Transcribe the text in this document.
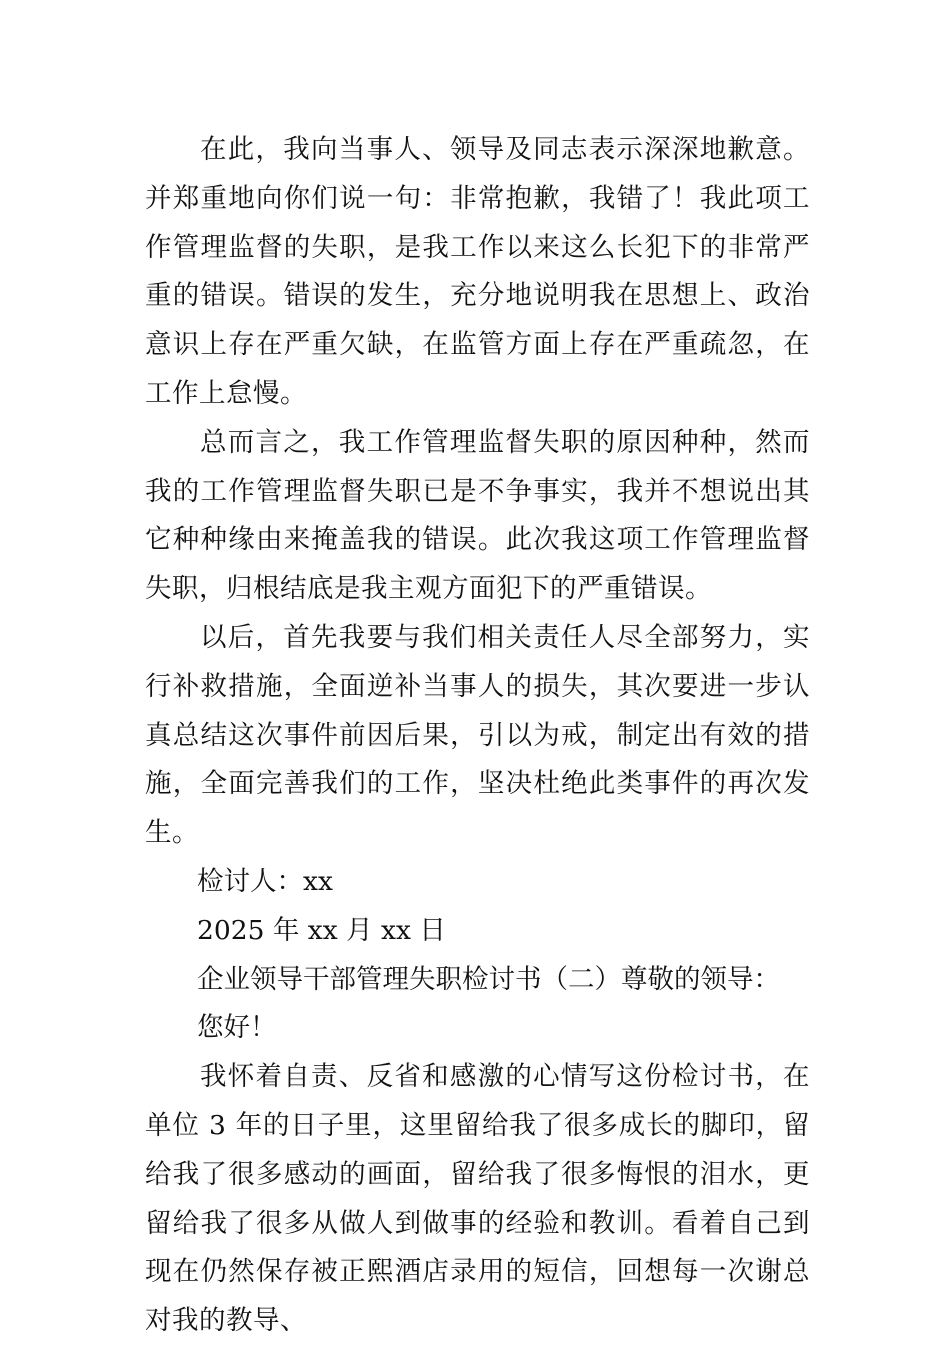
在此，我向当事人、领导及同志表示深深地歉意。并郑重地向你们说一句：非常抱歉，我错了！我此项工作管理监督的失职，是我工作以来这么长犯下的非常严重的错误。错误的发生，充分地说明我在思想上、政治意识上存在严重欠缺，在监管方面上存在严重疏忽，在工作上怠慢。

总而言之，我工作管理监督失职的原因种种，然而我的工作管理监督失职已是不争事实，我并不想说出其它种种缘由来掩盖我的错误。此次我这项工作管理监督失职，归根结底是我主观方面犯下的严重错误。

以后，首先我要与我们相关责任人尽全部努力，实行补救措施，全面逆补当事人的损失，其次要进一步认真总结这次事件前因后果，引以为戒，制定出有效的措施，全面完善我们的工作，坚决杜绝此类事件的再次发生。

检讨人：xx

2025 年 xx 月 xx 日

企业领导干部管理失职检讨书（二）尊敬的领导：

您好！

我怀着自责、反省和感激的心情写这份检讨书，在单位 3 年的日子里，这里留给我了很多成长的脚印，留给我了很多感动的画面，留给我了很多悔恨的泪水，更留给我了很多从做人到做事的经验和教训。看着自己到现在仍然保存被正熙酒店录用的短信，回想每一次谢总对我的教导、
